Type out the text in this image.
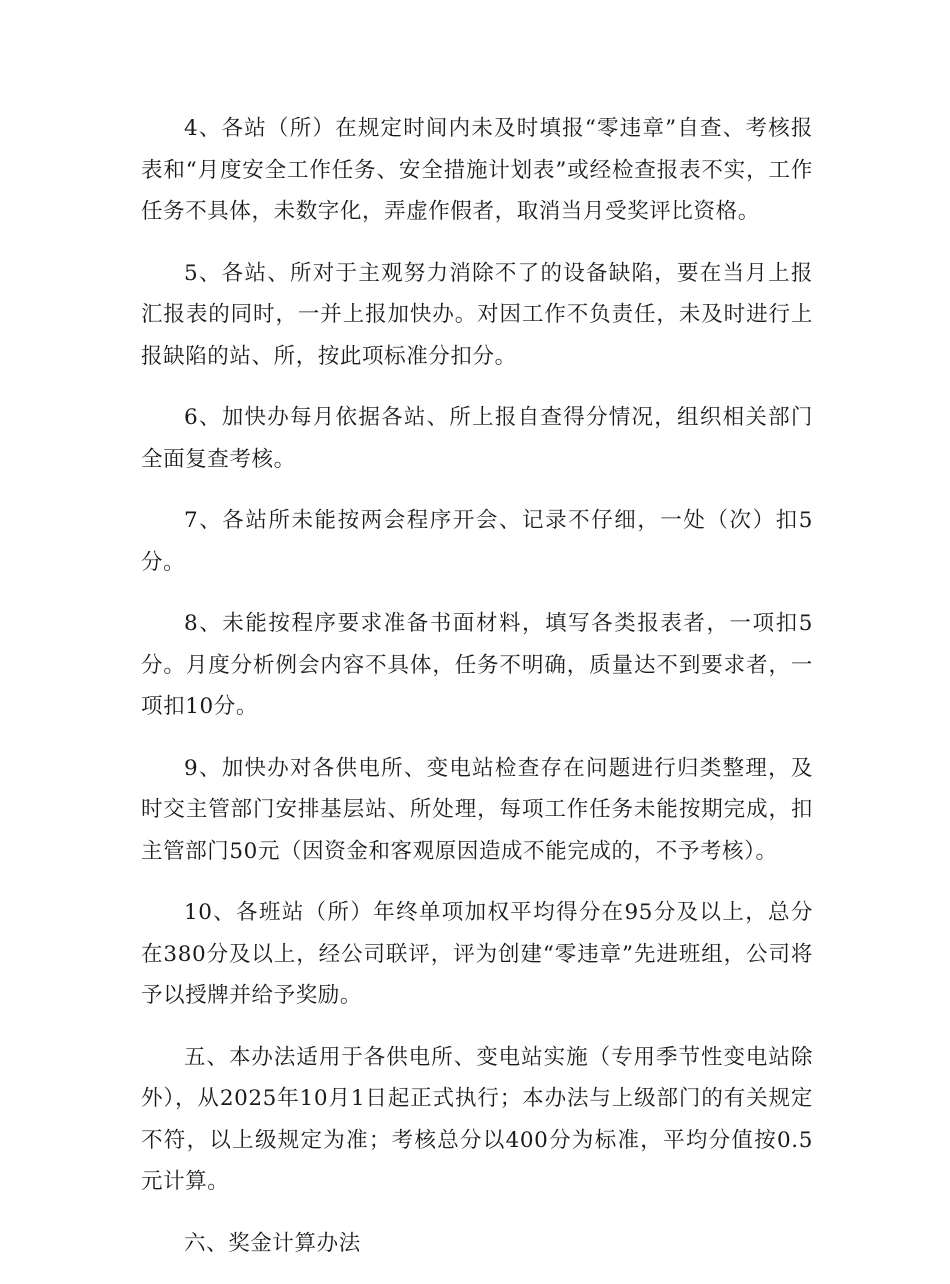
4、各站（所）在规定时间内未及时填报“零违章”自查、考核报表和“月度安全工作任务、安全措施计划表”或经检查报表不实，工作任务不具体，未数字化，弄虚作假者，取消当月受奖评比资格。

5、各站、所对于主观努力消除不了的设备缺陷，要在当月上报汇报表的同时，一并上报加快办。对因工作不负责任，未及时进行上报缺陷的站、所，按此项标准分扣分。

6、加快办每月依据各站、所上报自查得分情况，组织相关部门全面复查考核。

7、各站所未能按两会程序开会、记录不仔细，一处（次）扣5分。

8、未能按程序要求准备书面材料，填写各类报表者，一项扣5分。月度分析例会内容不具体，任务不明确，质量达不到要求者，一项扣10分。

9、加快办对各供电所、变电站检查存在问题进行归类整理，及时交主管部门安排基层站、所处理，每项工作任务未能按期完成，扣主管部门50元（因资金和客观原因造成不能完成的，不予考核）。

10、各班站（所）年终单项加权平均得分在95分及以上，总分在380分及以上，经公司联评，评为创建“零违章”先进班组，公司将予以授牌并给予奖励。

五、本办法适用于各供电所、变电站实施（专用季节性变电站除外），从2025年10月1日起正式执行；本办法与上级部门的有关规定不符，以上级规定为准；考核总分以400分为标准，平均分值按0.5元计算。

六、奖金计算办法
